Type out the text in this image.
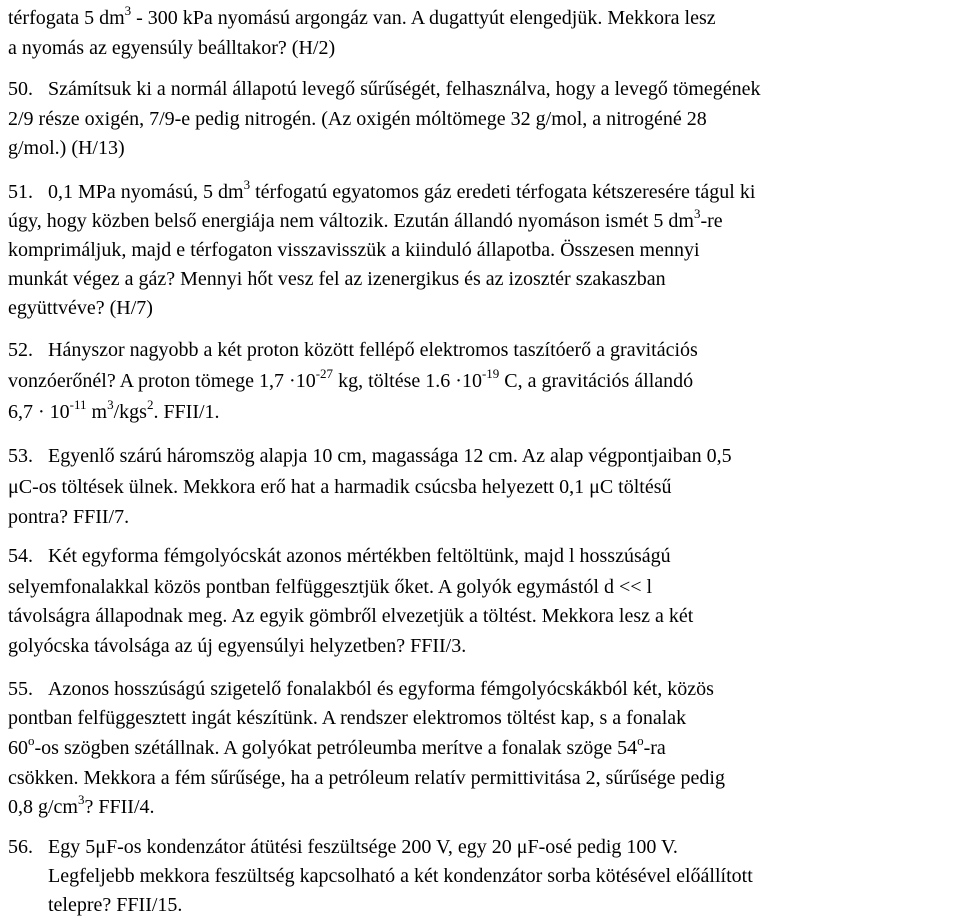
térfogata 5 $dm^3 - 300$ kPa nyomású argongáz van. A dugattyút elengedjük. Mekkora lesz
a nyomás az egyensúly beálltakor? (H/2)
50. Számítsuk ki a normál állapotú levegő sűrűségét, felhasználva, hogy a levegő tömegének
2/9 része oxigén, 7/9-e pedig nitrogén. (Az oxigén móltömege 32 g/mol, a nitrogéné 28
g/mol.) (H/13)
51. 0,1 MPa nyomású, 5 $dm^3$ térfogatú egyatomos gáz eredeti térfogata kétszeresére tágul ki
úgy, hogy közben belső energiája nem változik. Ezután állandó nyomáson ismét 5 $dm^3-re$
komprimáljuk, majd e térfogaton visszavisszük a kiinduló állapotba. Összesen mennyi
munkát végez a gáz? Mennyi hőt vesz fel az izenergikus és az izosztér szakaszban
együttvéve? (H/7)
52. Hányszor nagyobb a két proton között fellépő elektromos taszítóerő a gravitációs
vonzóerőnél? A proton tömege $1,7 \cdot 10^{-27}$ kg, töltése $1.6 \cdot 10^{-19}$ C, a gravitációs állandó
$6,7 \cdot 10^{-11}$ $m^3/kgs^2$. FFII/1.
53. Egyenlő szárú háromszög alapja 10 cm, magassága 12 cm. Az alap végpontjaiban 0,5
μC-os töltések ülnek. Mekkora erő hat a harmadik csúcsba helyezett 0,1 μC töltésű
pontra? FFII/7.
54. Két egyforma fémgolyócskát azonos mértékben feltöltünk, majd l hosszúságú
selyemfonalakkal közös pontban felfüggesztjük őket. A golyók egymástól d << l
távolságra állapodnak meg. Az egyik gömbről elvezetjük a töltést. Mekkora lesz a két
golyócska távolsága az új egyensúlyi helyzetben? FFII/3.
55. Azonos hosszúságú szigetelő fonalakból és egyforma fémgolyócskákból két, közös
pontban felfüggesztett ingát készítünk. A rendszer elektromos töltést kap, s a fonalak
60$^o$-os szögben szétállnak. A golyókat petróleumba merítve a fonalak szöge 54$^o$-ra
csökken. Mekkora a fém sűrűsége, ha a petróleum relatív permittivitása 2, sűrűsége pedig
0,8 $g/cm^3$? FFII/4.
56. Egy 5μF-os kondenzátor átütési feszültsége 200 V, egy 20 μF-osé pedig 100 V.
Legfeljebb mekkora feszültség kapcsolható a két kondenzátor sorba kötésével előállított
telepre? FFII/15.
